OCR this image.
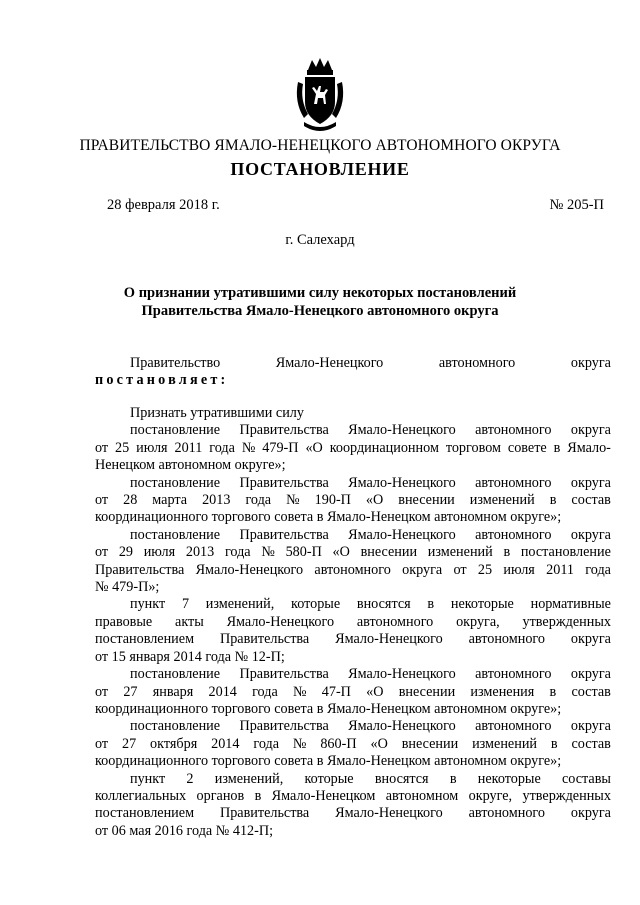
ПРАВИТЕЛЬСТВО ЯМАЛО-НЕНЕЦКОГО АВТОНОМНОГО ОКРУГА
ПОСТАНОВЛЕНИЕ
28 февраля 2018 г.	№ 205-П
г. Салехард
О признании утратившими силу некоторых постановлений
Правительства Ямало-Ненецкого автономного округа
Правительство	Ямало-Ненецкого	автономного	округа
постановляет:

Признать утратившими силу

постановление Правительства Ямало-Ненецкого автономного округа
от 25 июля 2011 года № 479-П «О координационном торговом совете в Ямало-
Ненецком автономном округе»;
постановление Правительства Ямало-Ненецкого автономного округа
от 28 марта 2013 года № 190-П «О внесении изменений в состав
координационного торгового совета в Ямало-Ненецком автономном округе»;
постановление Правительства Ямало-Ненецкого автономного округа
от 29 июля 2013 года № 580-П «О внесении изменений в постановление
Правительства Ямало-Ненецкого автономного округа от 25 июля 2011 года
№ 479-П»;
пункт 7 изменений, которые вносятся в некоторые нормативные
правовые акты Ямало-Ненецкого автономного округа, утвержденных
постановлением Правительства Ямало-Ненецкого автономного округа
от 15 января 2014 года № 12-П;
постановление Правительства Ямало-Ненецкого автономного округа
от 27 января 2014 года № 47-П «О внесении изменения в состав
координационного торгового совета в Ямало-Ненецком автономном округе»;
постановление Правительства Ямало-Ненецкого автономного округа
от 27 октября 2014 года № 860-П «О внесении изменений в состав
координационного торгового совета в Ямало-Ненецком автономном округе»;
пункт 2 изменений, которые вносятся в некоторые составы
коллегиальных органов в Ямало-Ненецком автономном округе, утвержденных
постановлением Правительства Ямало-Ненецкого автономного округа
от 06 мая 2016 года № 412-П;
